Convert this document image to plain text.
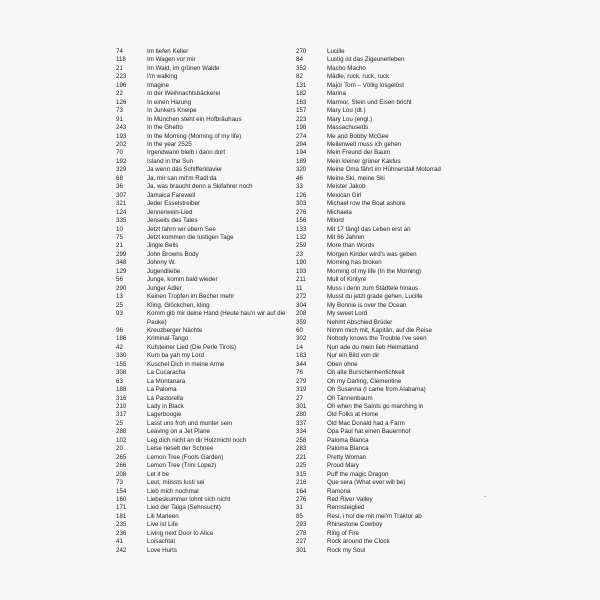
74	Im tiefen Keller
118	Im Wagen vor mir
21	Im Wald, im grünen Walde
223	I'm walking
196	Imagine
22	In der Weihnachtsbäckerei
126	In einen Harung
73	In Junkers Kneipe
91	In München steht ein Hofbräuhaus
243	In the Ghetto
193	In the Morning (Morning of my life)
202	In the year 2525
70	Irgendwann bleib i dann dort
192	Island in the Sun
329	Ja wenn das Schifferklavier
68	Ja, mir san mit'm Radl da
36	Ja, was braucht denn a Skifahrer noch
307	Jamaica Farewell
321	Jeder Esselstreiber
124	Jennerwein-Lied
335	Jenseits des Tales
10	Jetzt fahrn wir übern See
75	Jetzt kommen die lustigen Tage
21	Jingle Bells
299	John Browns Body
348	Johnny W.
129	Jugendliebe
56	Junge, komm bald wieder
290	Junger Adler
13	Keinen Tropfen im Becher mehr
25	Kling, Glöckchen, kling
93	Komm gib mir deine Hand (Heute hau'n wir auf die Pauke)
96	Kreuzberger Nächte
186	Kriminal-Tango
42	Kufsteiner Lied (Die Perle Tirols)
330	Kum ba yah my Lord
155	Kuschel Dich in meine Arme
308	La Cucaracha
63	La Montanara
188	La Paloma
316	La Pastorella
210	Lady in Black
317	Lagerboogie
25	Lasst uns froh und munter sein
288	Leaving on a Jet Plane
102	Leg dich nicht an dir Holzmichl noch
20	Leise rieselt der Schnee
265	Lemon Tree (Fools Garden)
266	Lemon Tree (Trini Lopez)
208	Let it be
73	Leut, müssts lusti sei
154	Lieb mich nochmal
160	Liebeskummer lohnt sich nicht
171	Lied der Taiga (Sehnsucht)
181	Lili Marleen
235	Live ist Life
236	Living next Door to Alice
41	Loisachtal
242	Love Hurts
270	Lucille
84	Lustig ist das Zigeunerleben
352	Macho Macho
82	Mädle, ruck, ruck, ruck
131	Major Tom – Völlig losgelöst
182	Marina
163	Marmor, Stein und Eisen bricht
157	Mary Lou (dt.)
223	Mary Lou (engl.)
198	Massachusetts
274	Me and Bobby McGee
294	Meilenweit muss ich gehen
194	Mein Freund der Baum
189	Mein kleiner grüner Kaktus
320	Meine Oma fährt im Hühnerstall Motorrad
46	Meine Ski, meine Ski
33	Meister Jakob
126	Mexican Girl
303	Michael row the Boat ashore
276	Michaela
156	Milord
133	Mit 17 fängt das Leben erst an
132	Mit 66 Jahren
259	More than Words
23	Morgen Kinder wird's was geben
190	Morning has broken
193	Morning of my life (In the Morning)
211	Mull of Kintyre
11	Muss i denn zum Städtele hinaus
272	Musst du jetzt grade gehen, Lucille
304	My Bonnie is over the Ocean
208	My sweet Lord
359	Nehmt Abschied Brüder
60	Nimm mich mit, Kapitän, auf die Reise
302	Nobody knows the Trouble I've seen
14	Nun ade du mein lieb Heimatland
183	Nur ein Bild von dir
344	Oben ohne
76	Oh alte Burschenherrlichkeit
279	Oh my Darling, Clementine
319	Oh Susanna (I came from Alabama)
27	Oh Tannenbaum
301	Oh when the Saints go marching in
280	Old Folks at Home
337	Old Mac Donald had a Farm
334	Opa Paul hat einen Bauernhof
258	Paloma Blanca
283	Paloma Blanca
221	Pretty Woman
225	Proud Mary
315	Puff the magic Dragon
216	Que sera (What ever will be)
164	Ramona
276	Red River Valley
31	Rennsteiglied
85	Resi, i hol die mit mei'm Traktor ab
293	Rhinestone Cowboy
278	Ring of Fire
227	Rock around the Clock
301	Rock my Soul
